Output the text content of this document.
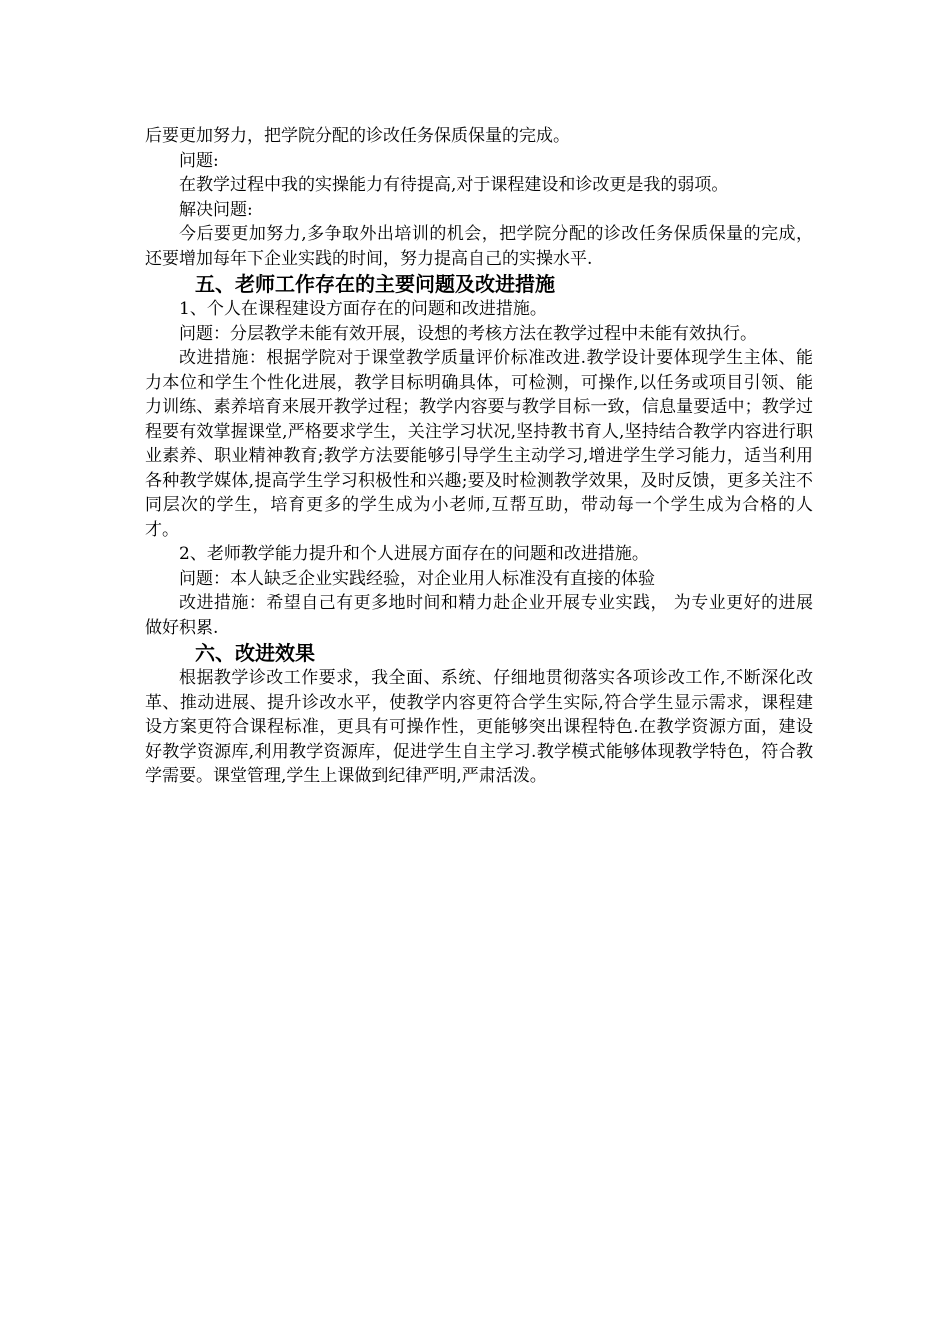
后要更加努力，把学院分配的诊改任务保质保量的完成。

问题:

在教学过程中我的实操能力有待提高,对于课程建设和诊改更是我的弱项。

解决问题:

今后要更加努力,多争取外出培训的机会，把学院分配的诊改任务保质保量的完成，还要增加每年下企业实践的时间，努力提高自己的实操水平.

五、老师工作存在的主要问题及改进措施

1、个人在课程建设方面存在的问题和改进措施。

问题：分层教学未能有效开展，设想的考核方法在教学过程中未能有效执行。

改进措施：根据学院对于课堂教学质量评价标准改进.教学设计要体现学生主体、能力本位和学生个性化进展，教学目标明确具体，可检测，可操作,以任务或项目引领、能力训练、素养培育来展开教学过程；教学内容要与教学目标一致，信息量要适中；教学过程要有效掌握课堂,严格要求学生，关注学习状况,坚持教书育人,坚持结合教学内容进行职业素养、职业精神教育;教学方法要能够引导学生主动学习,增进学生学习能力，适当利用各种教学媒体,提高学生学习积极性和兴趣;要及时检测教学效果，及时反馈，更多关注不同层次的学生，培育更多的学生成为小老师,互帮互助，带动每一个学生成为合格的人才。

2、老师教学能力提升和个人进展方面存在的问题和改进措施。

问题：本人缺乏企业实践经验，对企业用人标准没有直接的体验

改进措施：希望自己有更多地时间和精力赴企业开展专业实践， 为专业更好的进展做好积累.

六、改进效果

根据教学诊改工作要求，我全面、系统、仔细地贯彻落实各项诊改工作,不断深化改革、推动进展、提升诊改水平，使教学内容更符合学生实际,符合学生显示需求，课程建设方案更符合课程标准，更具有可操作性，更能够突出课程特色.在教学资源方面，建设好教学资源库,利用教学资源库，促进学生自主学习.教学模式能够体现教学特色，符合教学需要。课堂管理,学生上课做到纪律严明,严肃活泼。
